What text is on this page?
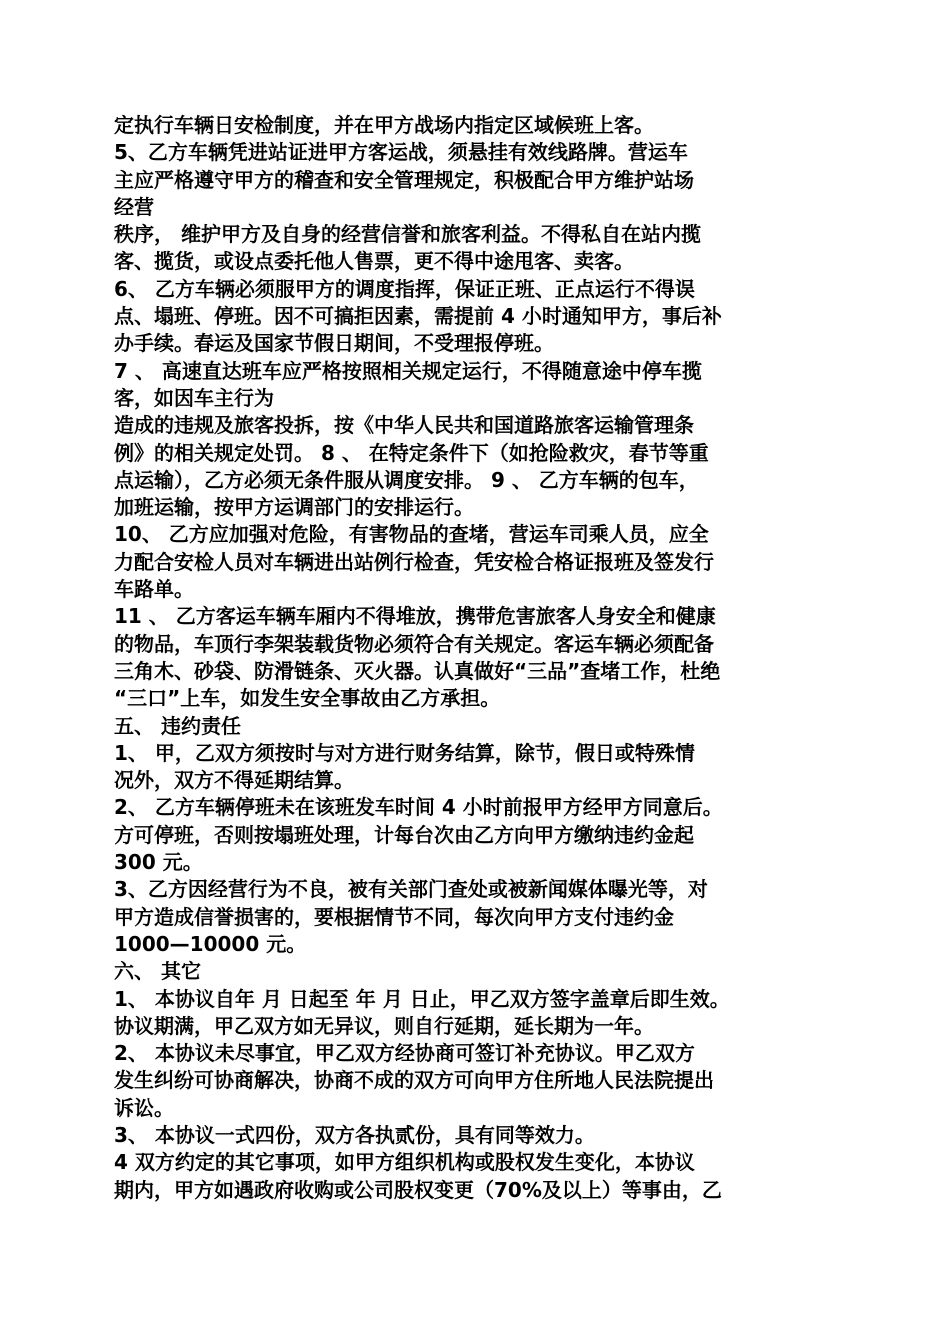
定执行车辆日安检制度，并在甲方战场内指定区域候班上客。
5、乙方车辆凭进站证进甲方客运战，须悬挂有效线路牌。营运车
主应严格遵守甲方的稽查和安全管理规定，积极配合甲方维护站场
经营
秩序， 维护甲方及自身的经营信誉和旅客利益。不得私自在站内揽
客、揽货，或设点委托他人售票，更不得中途甩客、卖客。
6、 乙方车辆必须服甲方的调度指挥，保证正班、正点运行不得误
点、塌班、停班。因不可搞拒因素，需提前 4 小时通知甲方，事后补
办手续。春运及国家节假日期间，不受理报停班。
7 、 高速直达班车应严格按照相关规定运行，不得随意途中停车揽
客，如因车主行为
造成的违规及旅客投拆，按《中华人民共和国道路旅客运输管理条
例》的相关规定处罚。 8 、 在特定条件下（如抢险救灾，春节等重
点运输），乙方必须无条件服从调度安排。 9 、 乙方车辆的包车，
加班运输，按甲方运调部门的安排运行。
10、 乙方应加强对危险，有害物品的查堵，营运车司乘人员，应全
力配合安检人员对车辆进出站例行检查，凭安检合格证报班及签发行
车路单。
11 、 乙方客运车辆车厢内不得堆放，携带危害旅客人身安全和健康
的物品，车顶行李架装载货物必须符合有关规定。客运车辆必须配备
三角木、砂袋、防滑链条、灭火器。认真做好“三品”查堵工作，杜绝
“三口”上车，如发生安全事故由乙方承担。
五、 违约责任
1、 甲，乙双方须按时与对方进行财务结算，除节，假日或特殊情
况外，双方不得延期结算。
2、 乙方车辆停班未在该班发车时间 4 小时前报甲方经甲方同意后。
方可停班，否则按塌班处理，计每台次由乙方向甲方缴纳违约金起
300 元。
3、乙方因经营行为不良，被有关部门查处或被新闻媒体曝光等，对
甲方造成信誉损害的，要根据情节不同，每次向甲方支付违约金
1000—10000 元。
六、 其它
1、 本协议自年 月 日起至 年 月 日止，甲乙双方签字盖章后即生效。
协议期满，甲乙双方如无异议，则自行延期，延长期为一年。
2、 本协议未尽事宜，甲乙双方经协商可签订补充协议。甲乙双方
发生纠纷可协商解决，协商不成的双方可向甲方住所地人民法院提出
诉讼。
3、 本协议一式四份，双方各执贰份，具有同等效力。
4 双方约定的其它事项，如甲方组织机构或股权发生变化，本协议
期内，甲方如遇政府收购或公司股权变更（70%及以上）等事由，乙
